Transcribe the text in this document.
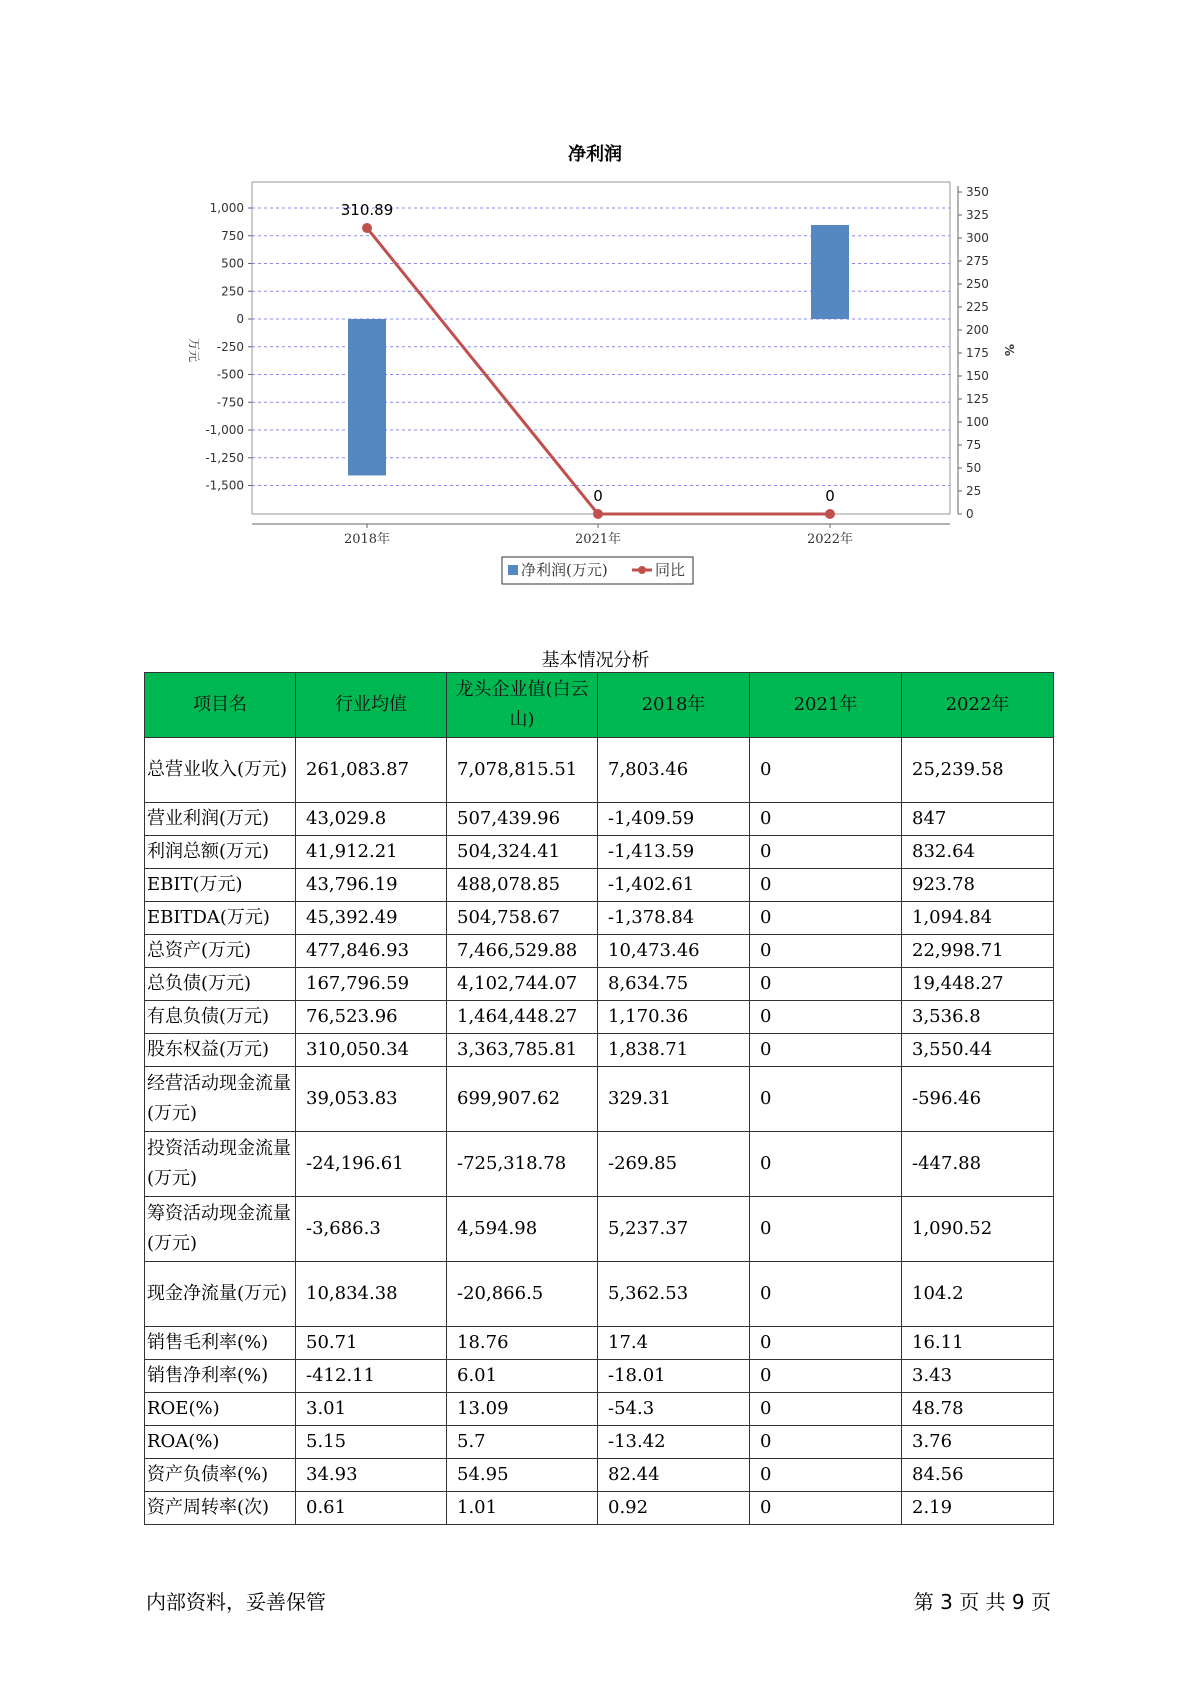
净利润
1,000
750
500
250
0
-250
-500
-750
-1,000
-1,250
-1,500
万元
350
325
300
275
250
225
200
175
150
125
100
75
50
25
0
%
2018年	2021年	2022年
310.89
0	0
净利润(万元)	同比
基本情况分析
项目名	行业均值	龙头企业值(白云山)	2018年	2021年	2022年
总营业收入(万元)	261,083.87	7,078,815.51	7,803.46	0	25,239.58
营业利润(万元)	43,029.8	507,439.96	-1,409.59	0	847
利润总额(万元)	41,912.21	504,324.41	-1,413.59	0	832.64
EBIT(万元)	43,796.19	488,078.85	-1,402.61	0	923.78
EBITDA(万元)	45,392.49	504,758.67	-1,378.84	0	1,094.84
总资产(万元)	477,846.93	7,466,529.88	10,473.46	0	22,998.71
总负债(万元)	167,796.59	4,102,744.07	8,634.75	0	19,448.27
有息负债(万元)	76,523.96	1,464,448.27	1,170.36	0	3,536.8
股东权益(万元)	310,050.34	3,363,785.81	1,838.71	0	3,550.44
经营活动现金流量(万元)	39,053.83	699,907.62	329.31	0	-596.46
投资活动现金流量(万元)	-24,196.61	-725,318.78	-269.85	0	-447.88
筹资活动现金流量(万元)	-3,686.3	4,594.98	5,237.37	0	1,090.52
现金净流量(万元)	10,834.38	-20,866.5	5,362.53	0	104.2
销售毛利率(%)	50.71	18.76	17.4	0	16.11
销售净利率(%)	-412.11	6.01	-18.01	0	3.43
ROE(%)	3.01	13.09	-54.3	0	48.78
ROA(%)	5.15	5.7	-13.42	0	3.76
资产负债率(%)	34.93	54.95	82.44	0	84.56
资产周转率(次)	0.61	1.01	0.92	0	2.19
内部资料，妥善保管	第 3 页 共 9 页
